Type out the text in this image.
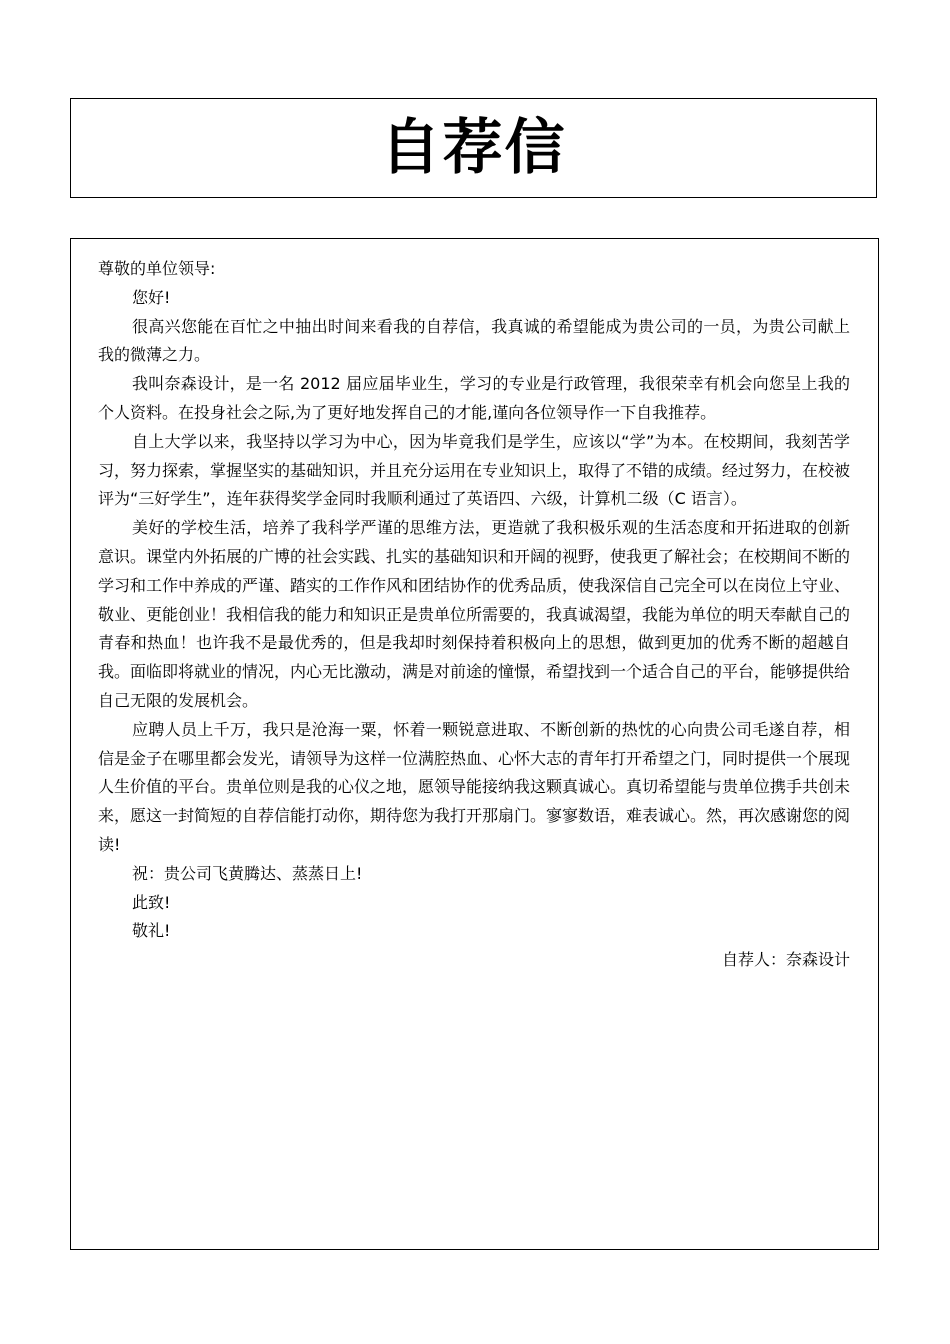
自荐信

尊敬的单位领导:

您好!

很高兴您能在百忙之中抽出时间来看我的自荐信，我真诚的希望能成为贵公司的一员，为贵公司献上我的微薄之力。

我叫奈森设计，是一名 2012 届应届毕业生，学习的专业是行政管理，我很荣幸有机会向您呈上我的个人资料。在投身社会之际,为了更好地发挥自己的才能,谨向各位领导作一下自我推荐。

自上大学以来，我坚持以学习为中心，因为毕竟我们是学生，应该以“学”为本。在校期间，我刻苦学习，努力探索，掌握坚实的基础知识，并且充分运用在专业知识上，取得了不错的成绩。经过努力，在校被评为“三好学生”，连年获得奖学金同时我顺利通过了英语四、六级，计算机二级（C 语言）。

美好的学校生活，培养了我科学严谨的思维方法，更造就了我积极乐观的生活态度和开拓进取的创新意识。课堂内外拓展的广博的社会实践、扎实的基础知识和开阔的视野，使我更了解社会；在校期间不断的学习和工作中养成的严谨、踏实的工作作风和团结协作的优秀品质，使我深信自己完全可以在岗位上守业、敬业、更能创业！我相信我的能力和知识正是贵单位所需要的，我真诚渴望，我能为单位的明天奉献自己的青春和热血！也许我不是最优秀的，但是我却时刻保持着积极向上的思想，做到更加的优秀不断的超越自我。面临即将就业的情况，内心无比激动，满是对前途的憧憬，希望找到一个适合自己的平台，能够提供给自己无限的发展机会。

应聘人员上千万，我只是沧海一粟，怀着一颗锐意进取、不断创新的热忱的心向贵公司毛遂自荐，相信是金子在哪里都会发光，请领导为这样一位满腔热血、心怀大志的青年打开希望之门，同时提供一个展现人生价值的平台。贵单位则是我的心仪之地，愿领导能接纳我这颗真诚心。真切希望能与贵单位携手共创未来，愿这一封简短的自荐信能打动你，期待您为我打开那扇门。寥寥数语，难表诚心。然，再次感谢您的阅读!

祝：贵公司飞黄腾达、蒸蒸日上!

此致!

敬礼!

自荐人：奈森设计
